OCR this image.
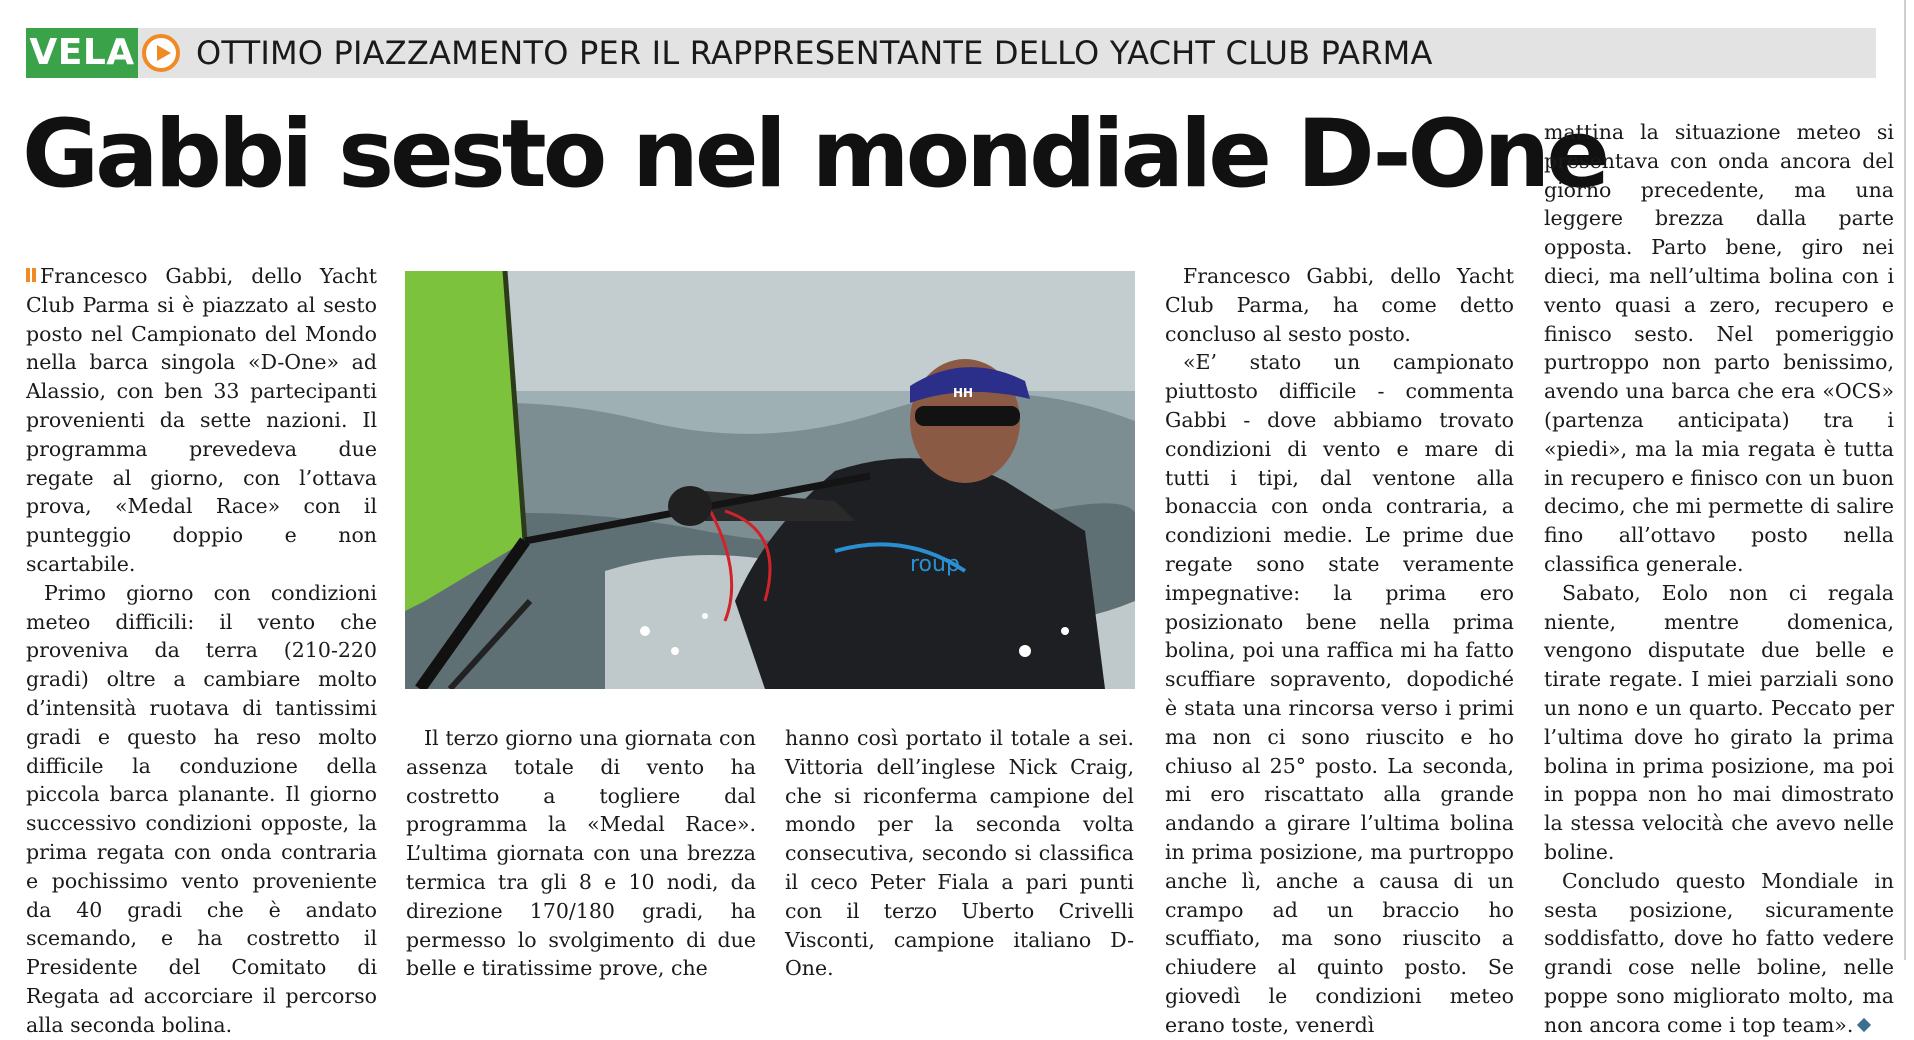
VELA OTTIMO PIAZZAMENTO PER IL RAPPRESENTANTE DELLO YACHT CLUB PARMA
Gabbi sesto nel mondiale D-One

Francesco Gabbi, dello Yacht Club Parma si è piazzato al sesto posto nel Campionato del Mondo nella barca singola «D-One» ad Alassio, con ben 33 partecipanti provenienti da sette nazioni. Il programma prevedeva due regate al giorno, con l’ottava prova, «Medal Race» con il punteggio doppio e non scartabile.

Primo giorno con condizioni meteo difficili: il vento che proveniva da terra (210-220 gradi) oltre a cambiare molto d’intensità ruotava di tantissimi gradi e questo ha reso molto difficile la conduzione della piccola barca planante. Il giorno successivo condizioni opposte, la prima regata con onda contraria e pochissimo vento proveniente da 40 gradi che è andato scemando, e ha costretto il Presidente del Comitato di Regata ad accorciare il percorso alla seconda bolina.

HH
roup

Il terzo giorno una giornata con assenza totale di vento ha costretto a togliere dal programma la «Medal Race». L’ultima giornata con una brezza termica tra gli 8 e 10 nodi, da direzione 170/180 gradi, ha permesso lo svolgimento di due belle e tiratissime prove, che

hanno così portato il totale a sei. Vittoria dell’inglese Nick Craig, che si riconferma campione del mondo per la seconda volta consecutiva, secondo si classifica il ceco Peter Fiala a pari punti con il terzo Uberto Crivelli Visconti, campione italiano D-One.

Francesco Gabbi, dello Yacht Club Parma, ha come detto concluso al sesto posto.

«E’ stato un campionato piuttosto difficile - commenta Gabbi - dove abbiamo trovato condizioni di vento e mare di tutti i tipi, dal ventone alla bonaccia con onda contraria, a condizioni medie. Le prime due regate sono state veramente impegnative: la prima ero posizionato bene nella prima bolina, poi una raffica mi ha fatto scuffiare sopravento, dopodiché è stata una rincorsa verso i primi ma non ci sono riuscito e ho chiuso al 25° posto. La seconda, mi ero riscattato alla grande andando a girare l’ultima bolina in prima posizione, ma purtroppo anche lì, anche a causa di un crampo ad un braccio ho scuffiato, ma sono riuscito a chiudere al quinto posto. Se giovedì le condizioni meteo erano toste, venerdì

mattina la situazione meteo si presentava con onda ancora del giorno precedente, ma una leggere brezza dalla parte opposta. Parto bene, giro nei dieci, ma nell’ultima bolina con i vento quasi a zero, recupero e finisco sesto. Nel pomeriggio purtroppo non parto benissimo, avendo una barca che era «OCS» (partenza anticipata) tra i «piedi», ma la mia regata è tutta in recupero e finisco con un buon decimo, che mi permette di salire fino all’ottavo posto nella classifica generale.

Sabato, Eolo non ci regala niente, mentre domenica, vengono disputate due belle e tirate regate. I miei parziali sono un nono e un quarto. Peccato per l’ultima dove ho girato la prima bolina in prima posizione, ma poi in poppa non ho mai dimostrato la stessa velocità che avevo nelle boline.

Concludo questo Mondiale in sesta posizione, sicuramente soddisfatto, dove ho fatto vedere grandi cose nelle boline, nelle poppe sono migliorato molto, ma non ancora come i top team».
